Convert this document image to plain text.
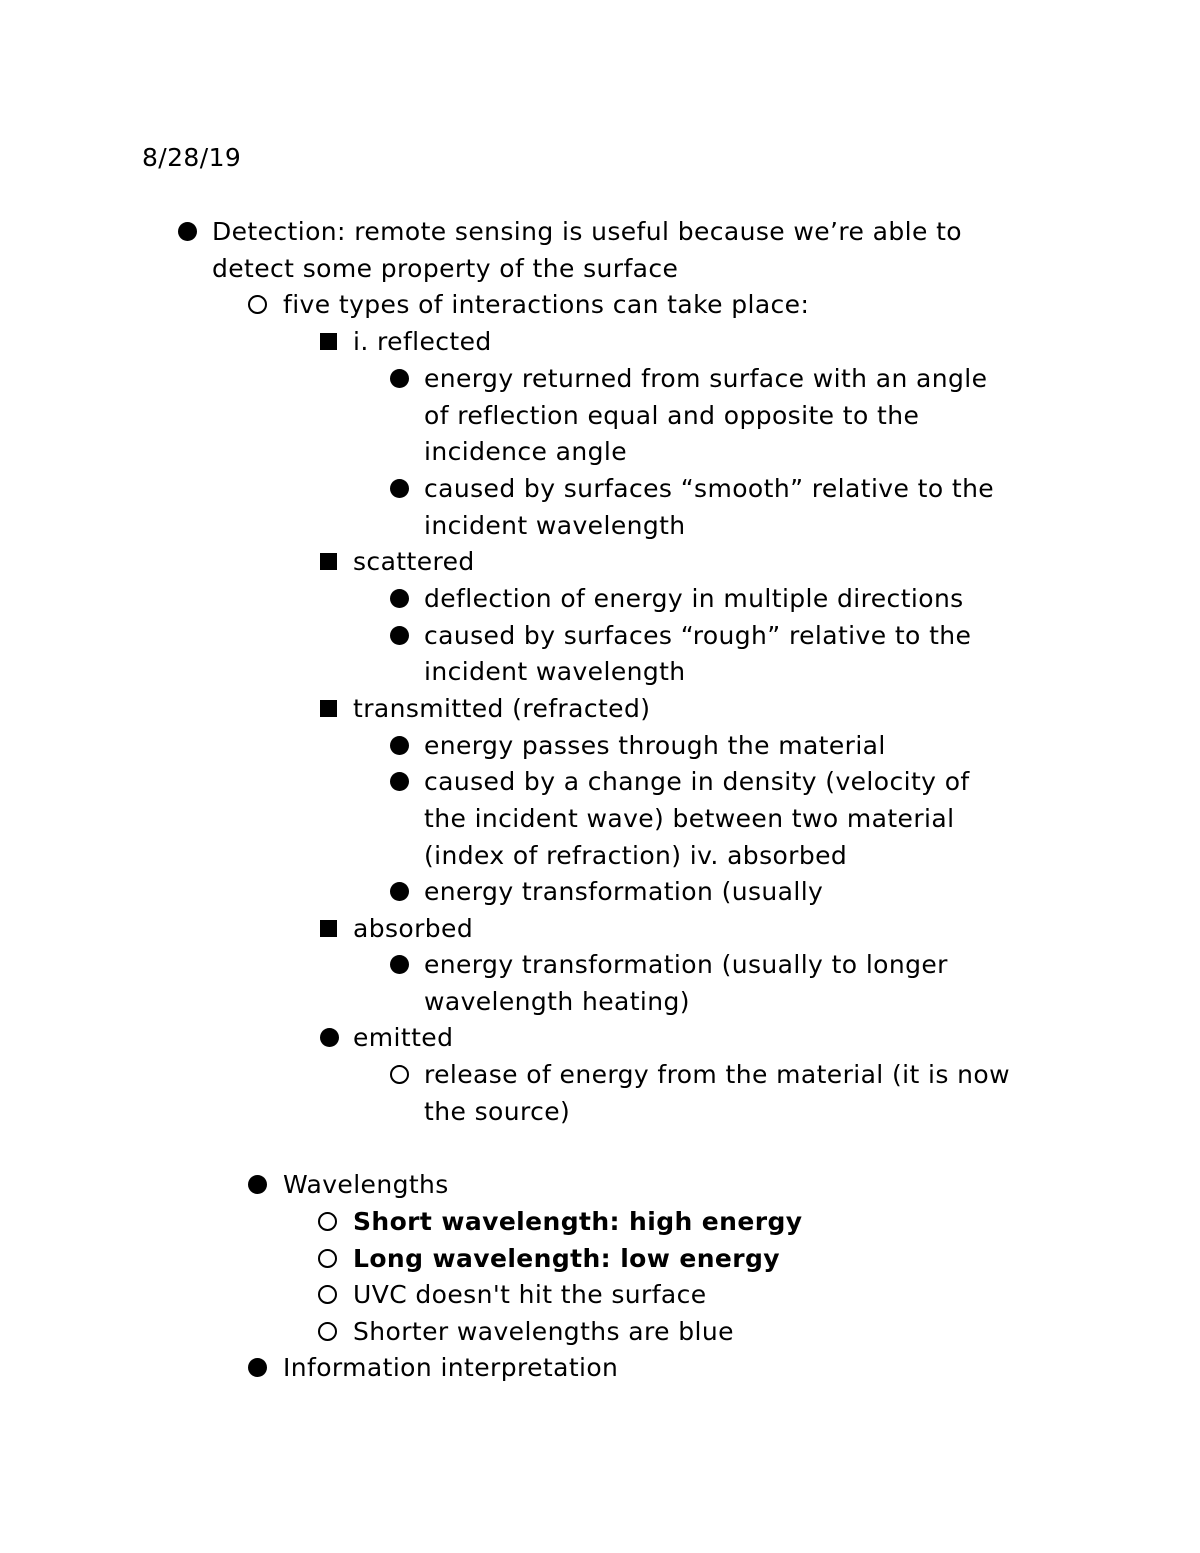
8/28/19
Detection: remote sensing is useful because we’re able to
detect some property of the surface
five types of interactions can take place:
i. reflected
energy returned from surface with an angle
of reflection equal and opposite to the
incidence angle
caused by surfaces “smooth” relative to the
incident wavelength
scattered
deflection of energy in multiple directions
caused by surfaces “rough” relative to the
incident wavelength
transmitted (refracted)
energy passes through the material
caused by a change in density (velocity of
the incident wave) between two material
(index of refraction) iv. absorbed
energy transformation (usually
absorbed
energy transformation (usually to longer
wavelength heating)
emitted
release of energy from the material (it is now
the source)
Wavelengths
Short wavelength: high energy
Long wavelength: low energy
UVC doesn't hit the surface
Shorter wavelengths are blue
Information interpretation
